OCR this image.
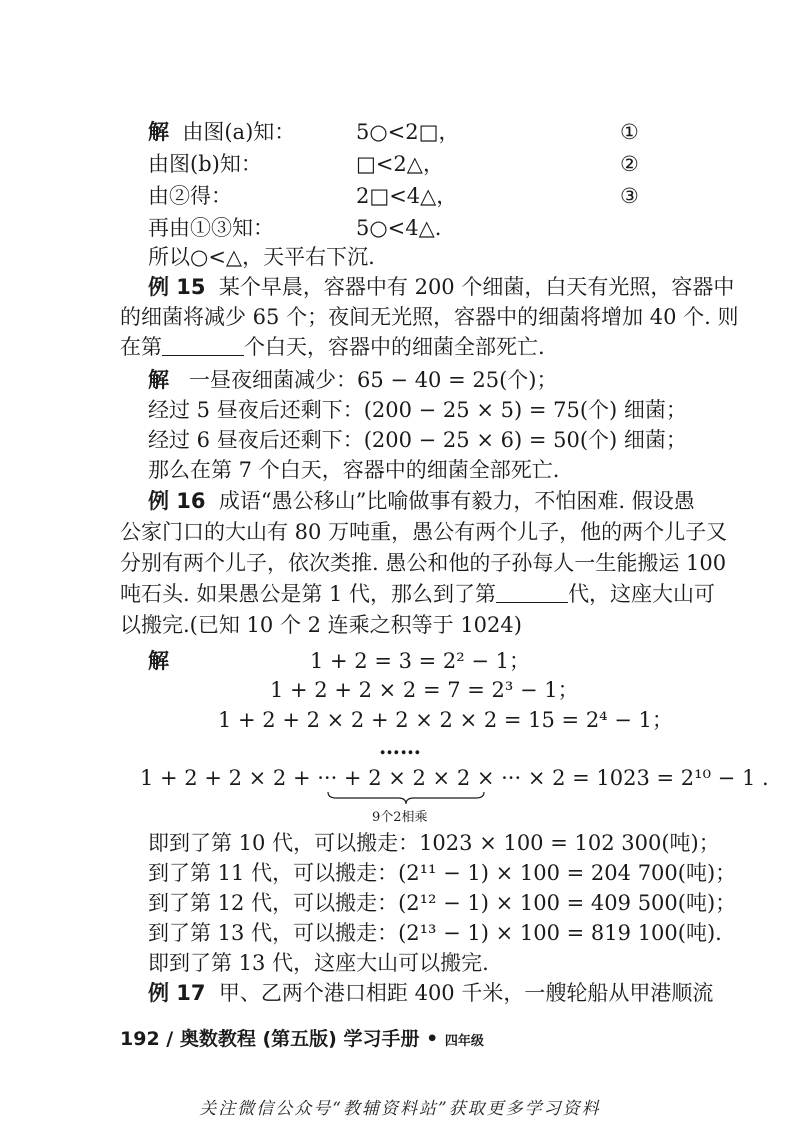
解 由图(a)知：	5○<2□，	①
由图(b)知：	□<2△，	②
由②得：	2□<4△，	③
再由①③知：	5○<4△.
所以○<△，天平右下沉.
例 15 某个早晨，容器中有 200 个细菌，白天有光照，容器中
的细菌将减少 65 个；夜间无光照，容器中的细菌将增加 40 个. 则
在第	个白天，容器中的细菌全部死亡.
解 一昼夜细菌减少：65 − 40 = 25(个)；
经过 5 昼夜后还剩下：(200 − 25 × 5) = 75(个) 细菌；
经过 6 昼夜后还剩下：(200 − 25 × 6) = 50(个) 细菌；
那么在第 7 个白天，容器中的细菌全部死亡.
例 16 成语“愚公移山”比喻做事有毅力，不怕困难. 假设愚
公家门口的大山有 80 万吨重，愚公有两个儿子，他的两个儿子又
分别有两个儿子，依次类推. 愚公和他的子孙每人一生能搬运 100
吨石头. 如果愚公是第 1 代，那么到了第	代，这座大山可
以搬完.(已知 10 个 2 连乘之积等于 1024)
解	1 + 2 = 3 = 2² − 1；
1 + 2 + 2 × 2 = 7 = 2³ − 1；
1 + 2 + 2 × 2 + 2 × 2 × 2 = 15 = 2⁴ − 1；
……
1 + 2 + 2 × 2 + ··· + 2 × 2 × 2 × ··· × 2 = 1023 = 2¹⁰ − 1 .
9个2相乘
即到了第 10 代，可以搬走：1023 × 100 = 102 300(吨)；
到了第 11 代，可以搬走：(2¹¹ − 1) × 100 = 204 700(吨)；
到了第 12 代，可以搬走：(2¹² − 1) × 100 = 409 500(吨)；
到了第 13 代，可以搬走：(2¹³ − 1) × 100 = 819 100(吨).
即到了第 13 代，这座大山可以搬完.
例 17 甲、乙两个港口相距 400 千米，一艘轮船从甲港顺流
192 / 奥数教程 (第五版) 学习手册 • 四年级
关注微信公众号“教辅资料站”获取更多学习资料
